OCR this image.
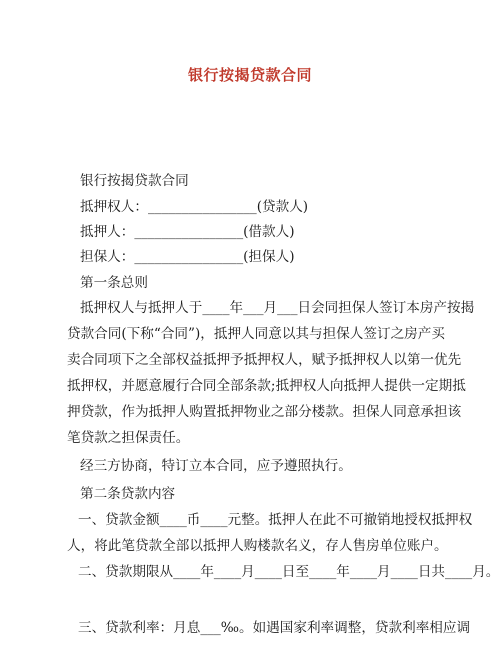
银行按揭贷款合同
银行按揭贷款合同
抵押权人：________________(贷款人)
抵押人：________________(借款人)
担保人：________________(担保人)
第一条总则
抵押权人与抵押人于____年___月___日会同担保人签订本房产按揭
贷款合同(下称“合同”)，抵押人同意以其与担保人签订之房产买
卖合同项下之全部权益抵押予抵押权人，赋予抵押权人以第一优先
抵押权，并愿意履行合同全部条款;抵押权人向抵押人提供一定期抵
押贷款，作为抵押人购置抵押物业之部分楼款。担保人同意承担该
笔贷款之担保责任。
经三方协商，特订立本合同，应予遵照执行。
第二条贷款内容
一、贷款金额____币____元整。抵押人在此不可撤销地授权抵押权
人，将此笔贷款全部以抵押人购楼款名义，存人售房单位账户。
二、贷款期限从____年____月____日至____年____月____日共____月。
三、贷款利率：月息___‰。如遇国家利率调整，贷款利率相应调
